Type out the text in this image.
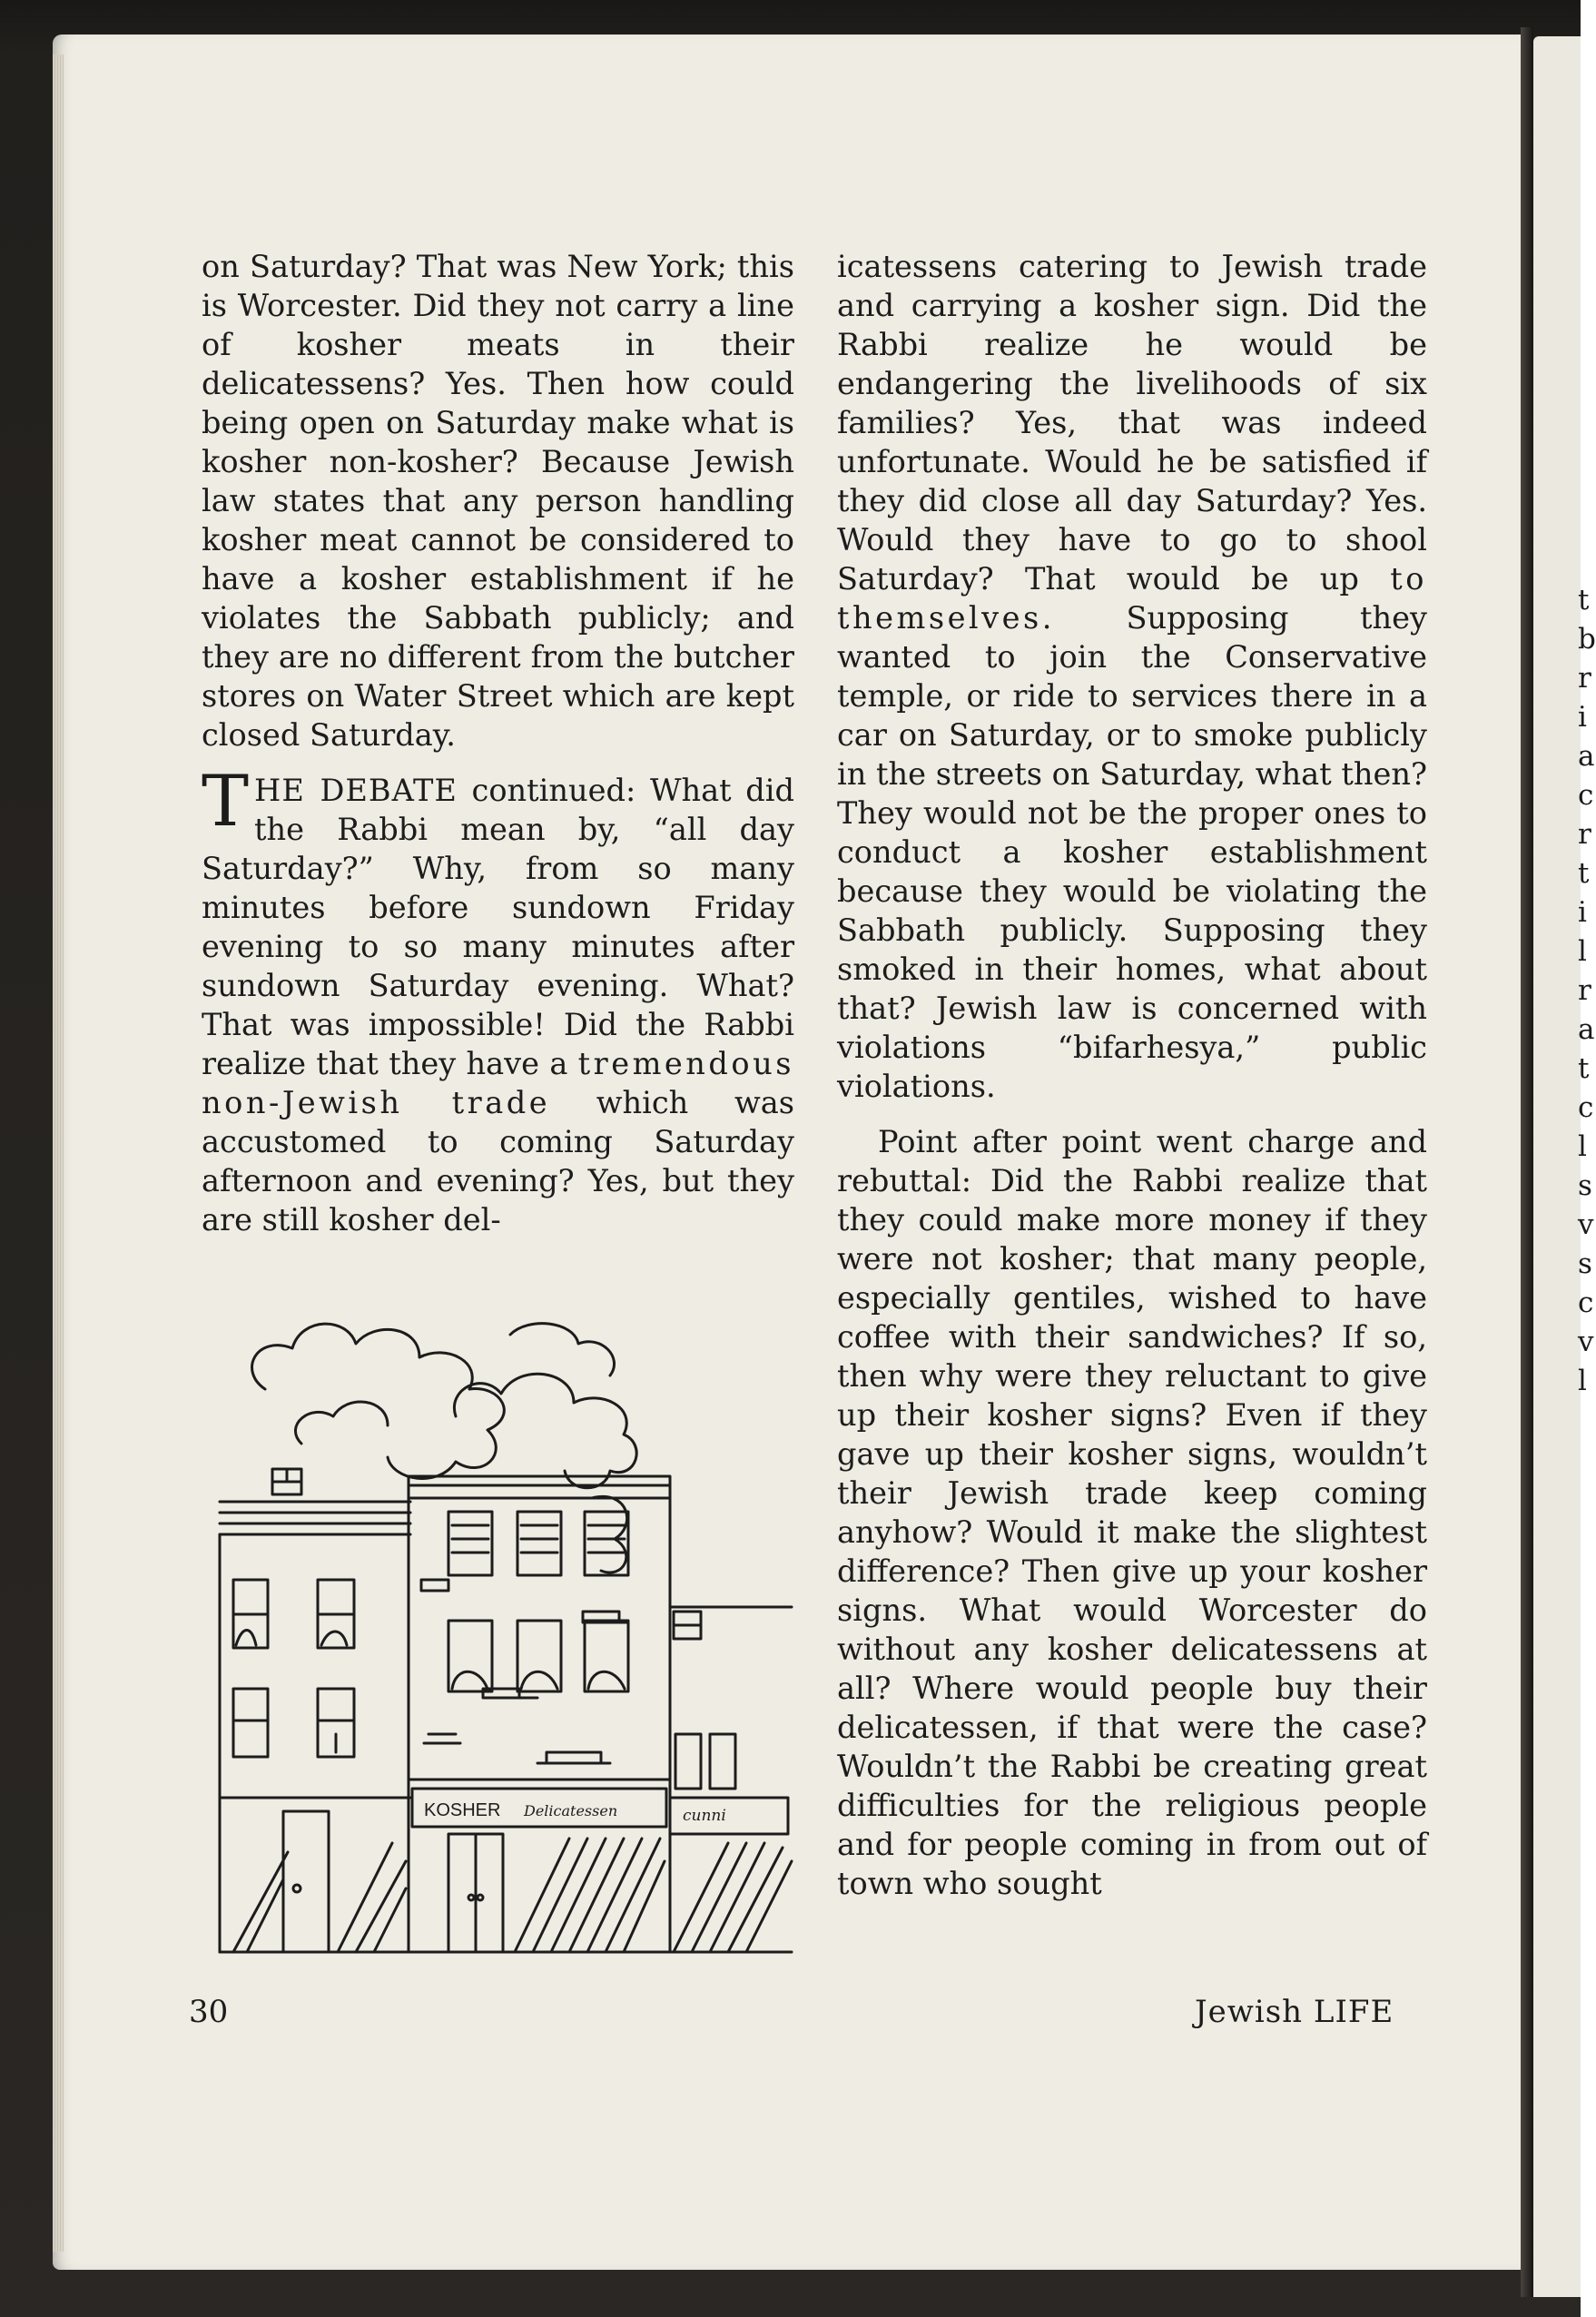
t
b
r
i
a
c
r
t
i
l
r
a
t
c
l
s
v
s
c
v
l

on Saturday? That was New York; this is Worcester. Did they not carry a line of kosher meats in their delicatessens? Yes. Then how could being open on Saturday make what is kosher non-kosher? Because Jewish law states that any person handling kosher meat cannot be considered to have a kosher establishment if he violates the Sabbath publicly; and they are no different from the butcher stores on Water Street which are kept closed Saturday.

THE DEBATE continued: What did the Rabbi mean by, “all day Saturday?” Why, from so many minutes before sundown Friday evening to so many minutes after sundown Saturday evening. What? That was impossible! Did the Rabbi realize that they have a tremendous non-Jewish trade which was accustomed to coming Saturday afternoon and evening? Yes, but they are still kosher del-

icatessens catering to Jewish trade and carrying a kosher sign. Did the Rabbi realize he would be endangering the livelihoods of six families? Yes, that was indeed unfortunate. Would he be satisfied if they did close all day Saturday? Yes. Would they have to go to shool Saturday? That would be up to themselves. Supposing they wanted to join the Conservative temple, or ride to services there in a car on Saturday, or to smoke publicly in the streets on Saturday, what then? They would not be the proper ones to conduct a kosher establishment because they would be violating the Sabbath publicly. Supposing they smoked in their homes, what about that? Jewish law is concerned with violations “bifarhesya,” public violations.

Point after point went charge and rebuttal: Did the Rabbi realize that they could make more money if they were not kosher; that many people, especially gentiles, wished to have coffee with their sandwiches? If so, then why were they reluctant to give up their kosher signs? Even if they gave up their kosher signs, wouldn’t their Jewish trade keep coming anyhow? Would it make the slightest difference? Then give up your kosher signs. What would Worcester do without any kosher delicatessens at all? Where would people buy their delicatessen, if that were the case? Wouldn’t the Rabbi be creating great difficulties for the religious people and for people coming in from out of town who sought

KOSHER Delicatessen	cunni
30	Jewish LIFE
